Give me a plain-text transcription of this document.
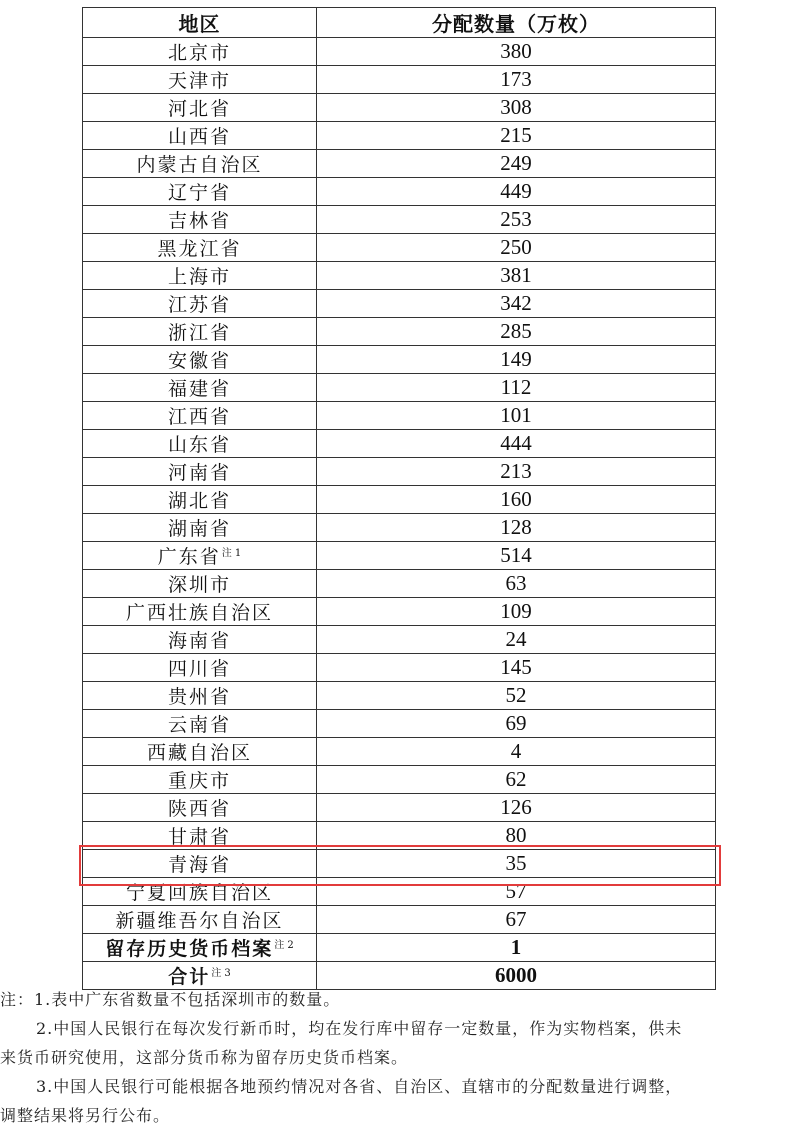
地区	分配数量（万枚）
北京市	380
天津市	173
河北省	308
山西省	215
内蒙古自治区	249
辽宁省	449
吉林省	253
黑龙江省	250
上海市	381
江苏省	342
浙江省	285
安徽省	149
福建省	112
江西省	101
山东省	444
河南省	213
湖北省	160
湖南省	128
广东省$^{注 1}$	514
深圳市	63
广西壮族自治区	109
海南省	24
四川省	145
贵州省	52
云南省	69
西藏自治区	4
重庆市	62
陕西省	126
甘肃省	80
青海省	35
宁夏回族自治区	57
新疆维吾尔自治区	67
留存历史货币档案$^{注 2}$	1
合计$^{注 3}$	6000

注：1.表中广东省数量不包括深圳市的数量。

2.中国人民银行在每次发行新币时，均在发行库中留存一定数量，作为实物档案，供未

来货币研究使用，这部分货币称为留存历史货币档案。

3.中国人民银行可能根据各地预约情况对各省、自治区、直辖市的分配数量进行调整，

调整结果将另行公布。
